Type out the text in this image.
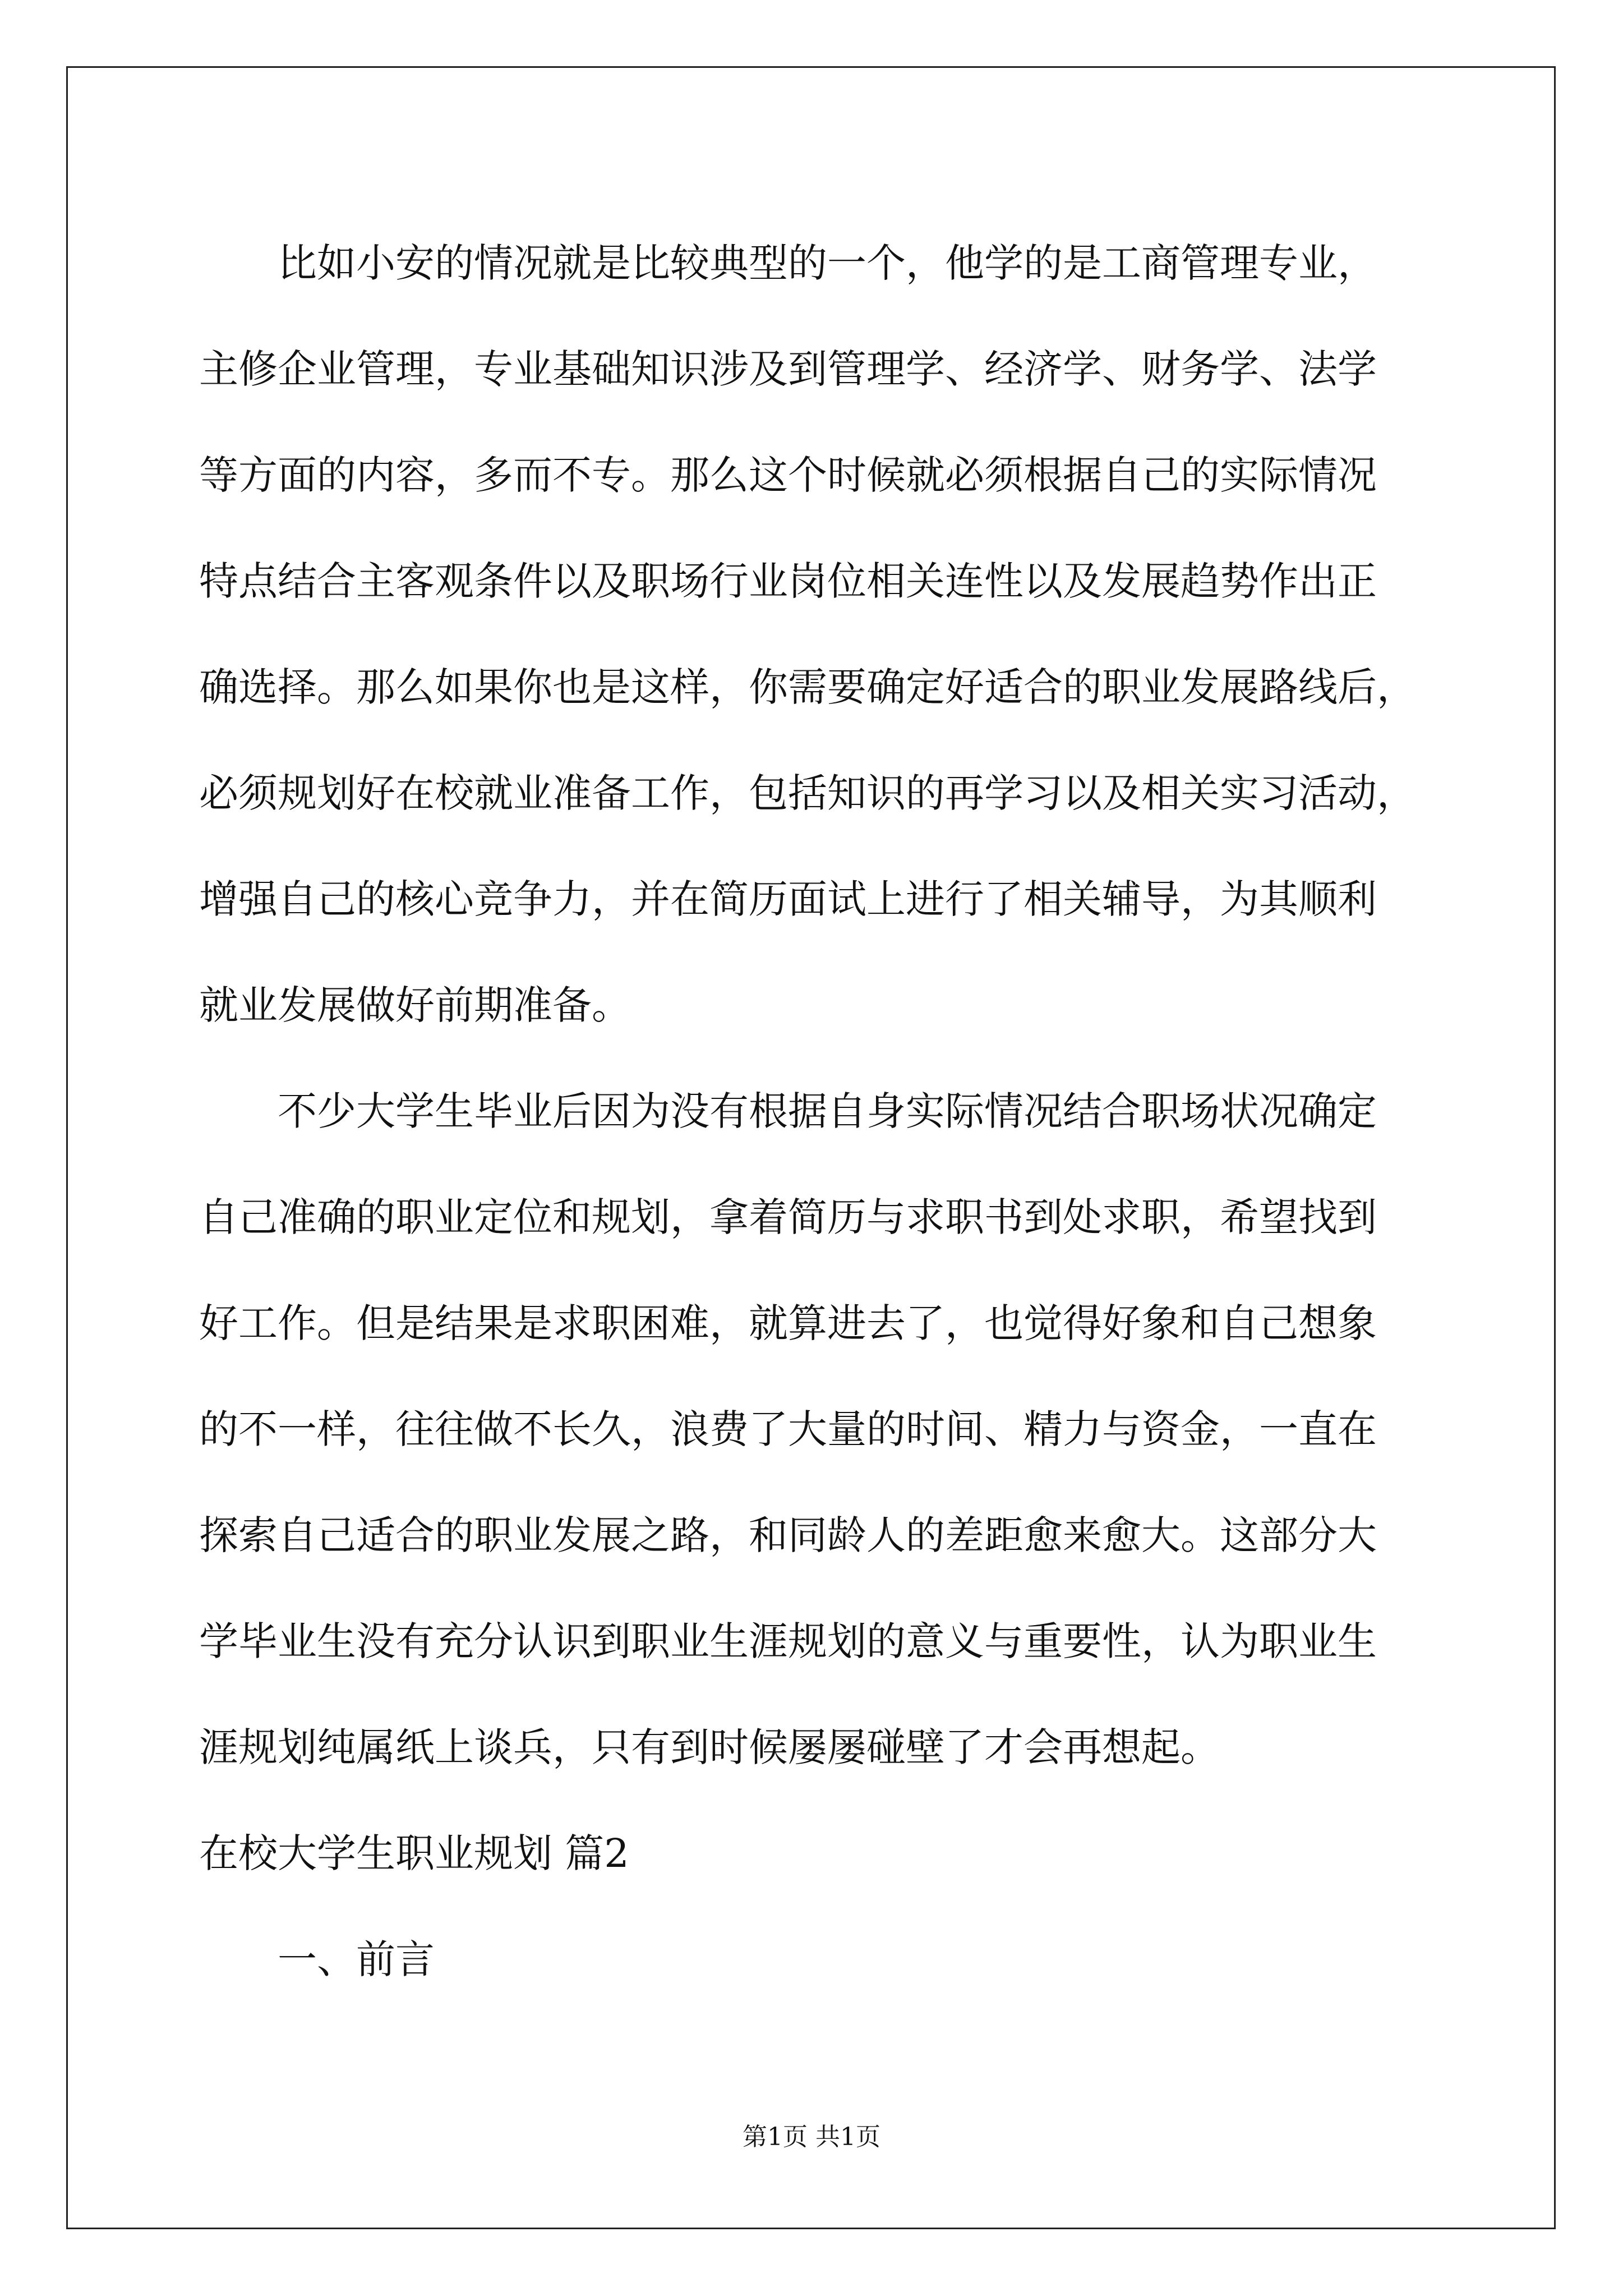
比如小安的情况就是比较典型的一个，他学的是工商管理专业，
主修企业管理，专业基础知识涉及到管理学、经济学、财务学、法学
等方面的内容，多而不专。那么这个时候就必须根据自己的实际情况
特点结合主客观条件以及职场行业岗位相关连性以及发展趋势作出正
确选择。那么如果你也是这样，你需要确定好适合的职业发展路线后，
必须规划好在校就业准备工作，包括知识的再学习以及相关实习活动，
增强自己的核心竞争力，并在简历面试上进行了相关辅导，为其顺利
就业发展做好前期准备。
不少大学生毕业后因为没有根据自身实际情况结合职场状况确定
自己准确的职业定位和规划，拿着简历与求职书到处求职，希望找到
好工作。但是结果是求职困难，就算进去了，也觉得好象和自己想象
的不一样，往往做不长久，浪费了大量的时间、精力与资金，一直在
探索自己适合的职业发展之路，和同龄人的差距愈来愈大。这部分大
学毕业生没有充分认识到职业生涯规划的意义与重要性，认为职业生
涯规划纯属纸上谈兵，只有到时候屡屡碰壁了才会再想起。
在校大学生职业规划 篇2
一、前言
第1页 共1页
